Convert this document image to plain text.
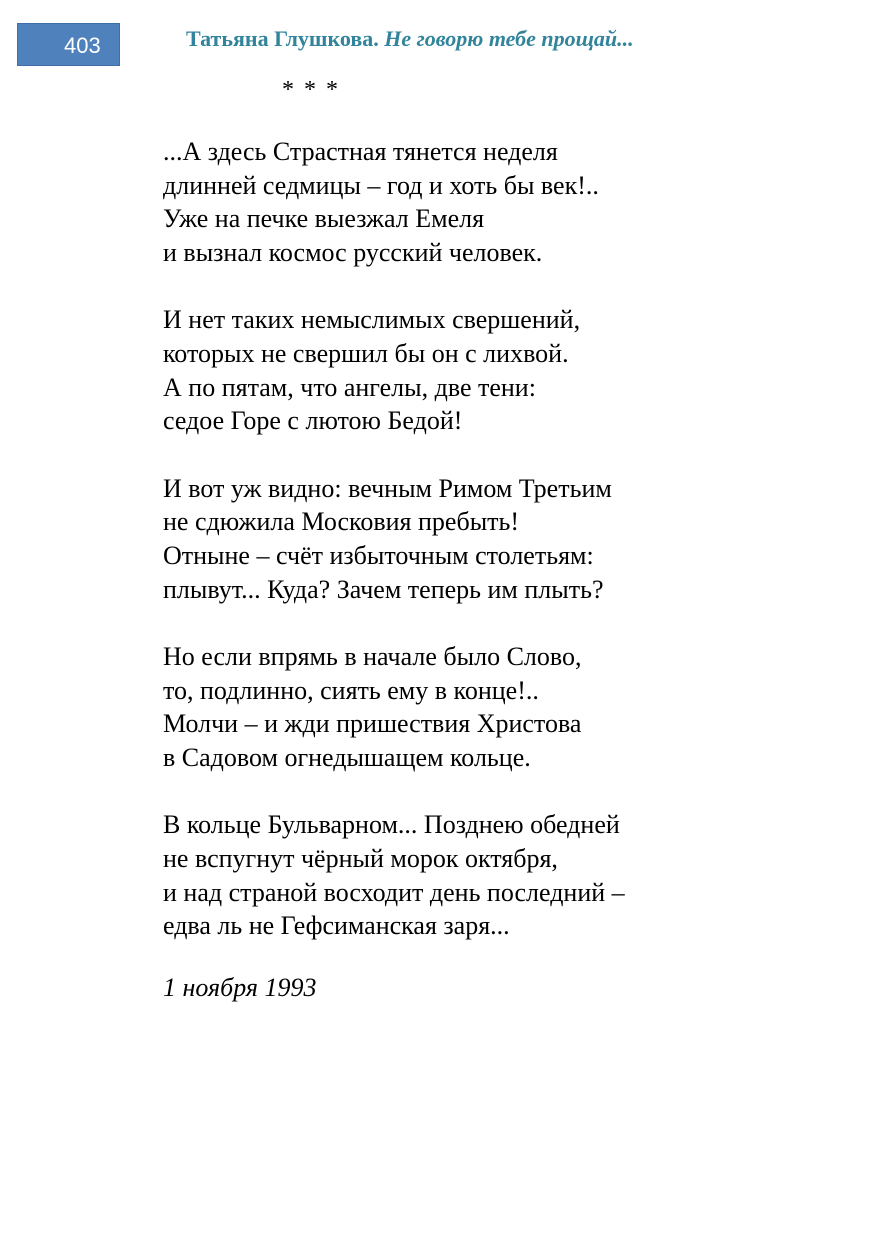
403	Татьяна Глушкова. Не говорю тебе прощай...
* * *
...А здесь Страстная тянется неделя
длинней седмицы – год и хоть бы век!..
Уже на печке выезжал Емеля
и вызнал космос русский человек.
И нет таких немыслимых свершений,
которых не свершил бы он с лихвой.
А по пятам, что ангелы, две тени:
седое Горе с лютою Бедой!
И вот уж видно: вечным Римом Третьим
не сдюжила Московия пребыть!
Отныне – счёт избыточным столетьям:
плывут... Куда? Зачем теперь им плыть?
Но если впрямь в начале было Слово,
то, подлинно, сиять ему в конце!..
Молчи – и жди пришествия Христова
в Садовом огнедышащем кольце.
В кольце Бульварном... Позднею обедней
не вспугнут чёрный морок октября,
и над страной восходит день последний –
едва ль не Гефсиманская заря...
1 ноября 1993
